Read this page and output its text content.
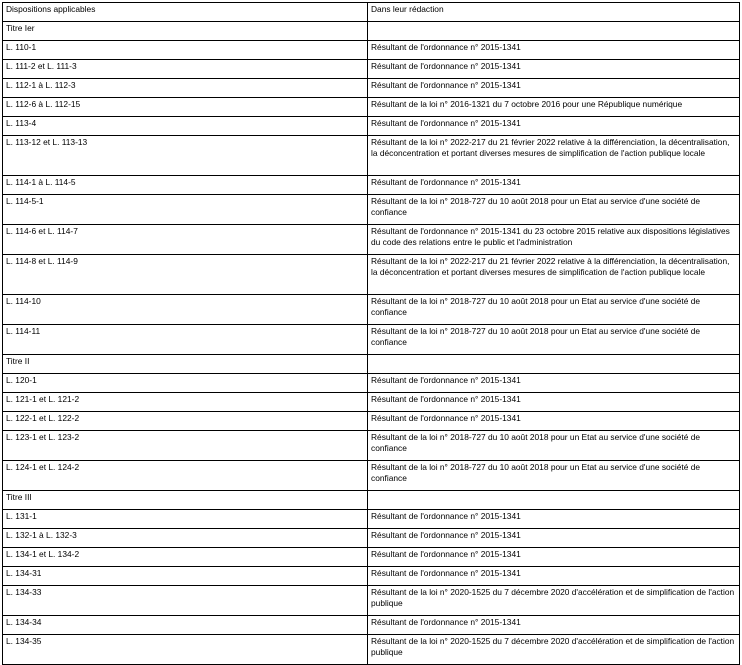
Dispositions applicables	Dans leur rédaction
Titre Ier	
L. 110-1	Résultant de l'ordonnance n° 2015-1341
L. 111-2 et L. 111-3	Résultant de l'ordonnance n° 2015-1341
L. 112-1 à L. 112-3	Résultant de l'ordonnance n° 2015-1341
L. 112-6 à L. 112-15	Résultant de la loi n° 2016-1321 du 7 octobre 2016 pour une République numérique
L. 113-4	Résultant de l'ordonnance n° 2015-1341
L. 113-12 et L. 113-13	Résultant de la loi n° 2022-217 du 21 février 2022 relative à la différenciation, la décentralisation, la déconcentration et portant diverses mesures de simplification de l'action publique locale
L. 114-1 à L. 114-5	Résultant de l'ordonnance n° 2015-1341
L. 114-5-1	Résultant de la loi n° 2018-727 du 10 août 2018 pour un Etat au service d'une société de confiance
L. 114-6 et L. 114-7	Résultant de l'ordonnance n° 2015-1341 du 23 octobre 2015 relative aux dispositions législatives du code des relations entre le public et l'administration
L. 114-8 et L. 114-9	Résultant de la loi n° 2022-217 du 21 février 2022 relative à la différenciation, la décentralisation, la déconcentration et portant diverses mesures de simplification de l'action publique locale
L. 114-10	Résultant de la loi n° 2018-727 du 10 août 2018 pour un Etat au service d'une société de confiance
L. 114-11	Résultant de la loi n° 2018-727 du 10 août 2018 pour un Etat au service d'une société de confiance
Titre II	
L. 120-1	Résultant de l'ordonnance n° 2015-1341
L. 121-1 et L. 121-2	Résultant de l'ordonnance n° 2015-1341
L. 122-1 et L. 122-2	Résultant de l'ordonnance n° 2015-1341
L. 123-1 et L. 123-2	Résultant de la loi n° 2018-727 du 10 août 2018 pour un Etat au service d'une société de confiance
L. 124-1 et L. 124-2	Résultant de la loi n° 2018-727 du 10 août 2018 pour un Etat au service d'une société de confiance
Titre III	
L. 131-1	Résultant de l'ordonnance n° 2015-1341
L. 132-1 à L. 132-3	Résultant de l'ordonnance n° 2015-1341
L. 134-1 et L. 134-2	Résultant de l'ordonnance n° 2015-1341
L. 134-31	Résultant de l'ordonnance n° 2015-1341
L. 134-33	Résultant de la loi n° 2020-1525 du 7 décembre 2020 d'accélération et de simplification de l'action publique
L. 134-34	Résultant de l'ordonnance n° 2015-1341
L. 134-35	Résultant de la loi n° 2020-1525 du 7 décembre 2020 d'accélération et de simplification de l'action publique
